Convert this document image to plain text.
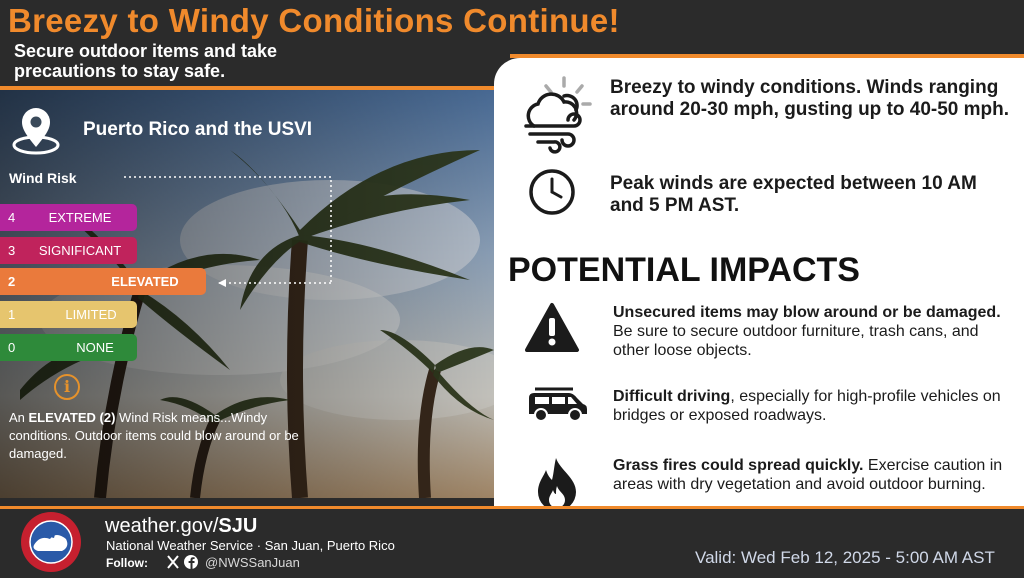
Breezy to Windy Conditions Continue!
Secure outdoor items and take precautions to stay safe.
Puerto Rico and the USVI
Wind Risk
4	EXTREME
3	SIGNIFICANT
2	ELEVATED
1	LIMITED
0	NONE
i
An ELEVATED (2) Wind Risk means...Windy conditions. Outdoor items could blow around or be damaged.
Breezy to windy conditions. Winds ranging around 20-30 mph, gusting up to 40-50 mph.
Peak winds are expected between 10 AM and 5 PM AST.
POTENTIAL IMPACTS
Unsecured items may blow around or be damaged. Be sure to secure outdoor furniture, trash cans, and other loose objects.
Difficult driving, especially for high-profile vehicles on bridges or exposed roadways.
Grass fires could spread quickly. Exercise caution in areas with dry vegetation and avoid outdoor burning.
weather.gov/SJU
National Weather Service · San Juan, Puerto Rico
Follow:	@NWSSanJuan	Valid: Wed Feb 12, 2025 - 5:00 AM AST
